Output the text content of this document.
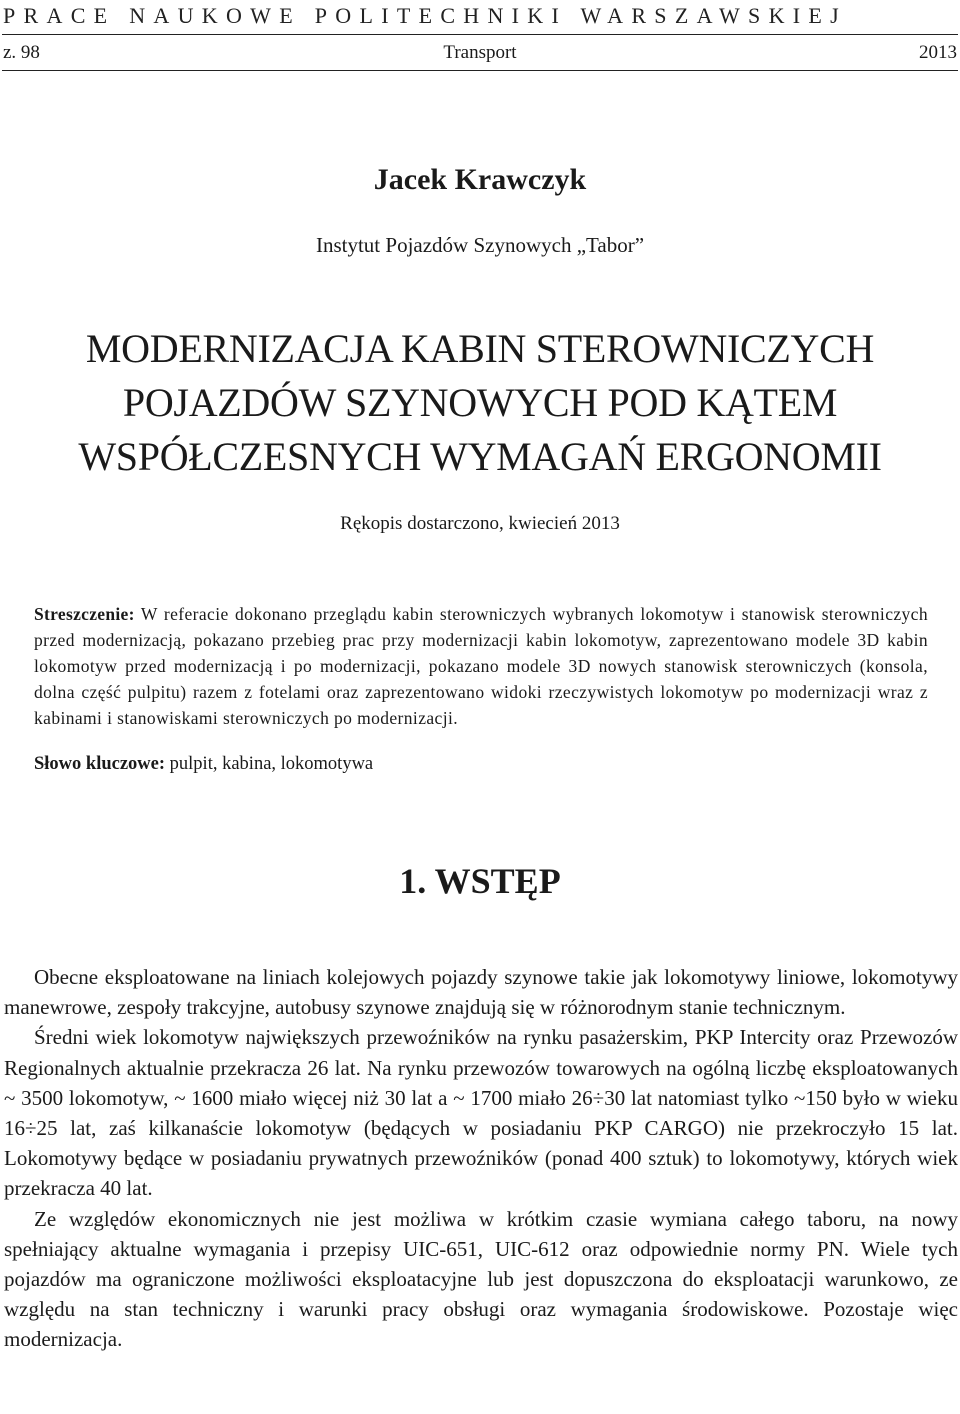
PRACE NAUKOWE POLITECHNIKI WARSZAWSKIEJ
z. 98	Transport	2013
Jacek Krawczyk
Instytut Pojazdów Szynowych „Tabor”
MODERNIZACJA KABIN STEROWNICZYCH
POJAZDÓW SZYNOWYCH POD KĄTEM
WSPÓŁCZESNYCH WYMAGAŃ ERGONOMII
Rękopis dostarczono, kwiecień 2013
Streszczenie: W referacie dokonano przeglądu kabin sterowniczych wybranych lokomotyw i stanowisk sterowniczych przed modernizacją, pokazano przebieg prac przy modernizacji kabin lokomotyw, zaprezentowano modele 3D kabin lokomotyw przed modernizacją i po modernizacji, pokazano modele 3D nowych stanowisk sterowniczych (konsola, dolna część pulpitu) razem z fotelami oraz zaprezentowano widoki rzeczywistych lokomotyw po modernizacji wraz z kabinami i stanowiskami sterowniczych po modernizacji.
Słowo kluczowe: pulpit, kabina, lokomotywa
1. WSTĘP

Obecne eksploatowane na liniach kolejowych pojazdy szynowe takie jak lokomotywy liniowe, lokomotywy manewrowe, zespoły trakcyjne, autobusy szynowe znajdują się w różnorodnym stanie technicznym.

Średni wiek lokomotyw największych przewoźników na rynku pasażerskim, PKP Intercity oraz Przewozów Regionalnych aktualnie przekracza 26 lat. Na rynku przewozów towarowych na ogólną liczbę eksploatowanych ~ 3500 lokomotyw, ~ 1600 miało więcej niż 30 lat a ~ 1700 miało 26÷30 lat natomiast tylko ~150 było w wieku 16÷25 lat, zaś kilkanaście lokomotyw (będących w posiadaniu PKP CARGO) nie przekroczyło 15 lat. Lokomotywy będące w posiadaniu prywatnych przewoźników (ponad 400 sztuk) to lokomotywy, których wiek przekracza 40 lat.

Ze względów ekonomicznych nie jest możliwa w krótkim czasie wymiana całego taboru, na nowy spełniający aktualne wymagania i przepisy UIC-651, UIC-612 oraz odpowiednie normy PN. Wiele tych pojazdów ma ograniczone możliwości eksploatacyjne lub jest dopuszczona do eksploatacji warunkowo, ze względu na stan techniczny i warunki pracy obsługi oraz wymagania środowiskowe. Pozostaje więc modernizacja.
